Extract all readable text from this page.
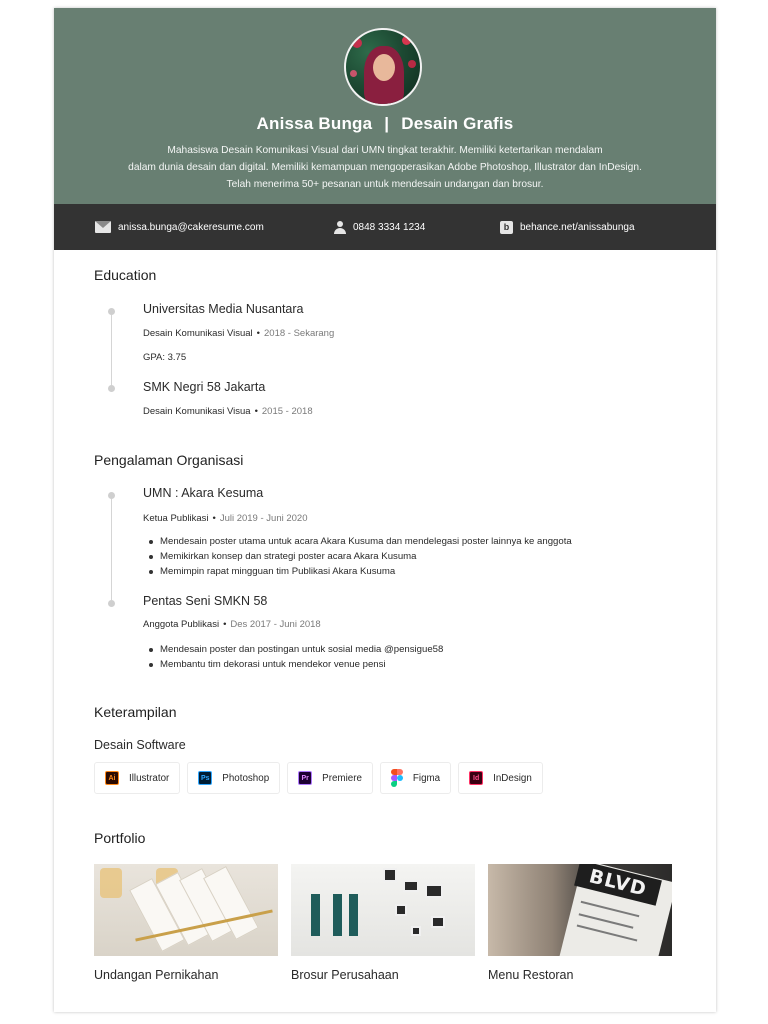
Anissa Bunga | Desain Grafis
Mahasiswa Desain Komunikasi Visual dari UMN tingkat terakhir. Memiliki ketertarikan mendalam
dalam dunia desain dan digital. Memiliki kemampuan mengoperasikan Adobe Photoshop, Illustrator dan InDesign.
Telah menerima 50+ pesanan untuk mendesain undangan dan brosur.
anissa.bunga@cakeresume.com	0848 3334 1234	b	behance.net/anissabunga
Education
Universitas Media Nusantara
Desain Komunikasi Visual • 2018 - Sekarang
GPA: 3.75
SMK Negri 58 Jakarta
Desain Komunikasi Visua • 2015 - 2018
Pengalaman Organisasi
UMN : Akara Kesuma
Ketua Publikasi • Juli 2019 - Juni 2020
Mendesain poster utama untuk acara Akara Kusuma dan mendelegasi poster lainnya ke anggota
Memikirkan konsep dan strategi poster acara Akara Kusuma
Memimpin rapat mingguan tim Publikasi Akara Kusuma
Pentas Seni SMKN 58
Anggota Publikasi • Des 2017 - Juni 2018
Mendesain poster dan postingan untuk sosial media @pensigue58
Membantu tim dekorasi untuk mendekor venue pensi
Keterampilan
Desain Software
Ai	Illustrator	Ps Photoshop	Pr	Premiere	Figma	Id	InDesign
Portfolio
Undangan Pernikahan	Brosur Perusahaan
BLVD
Menu Restoran
